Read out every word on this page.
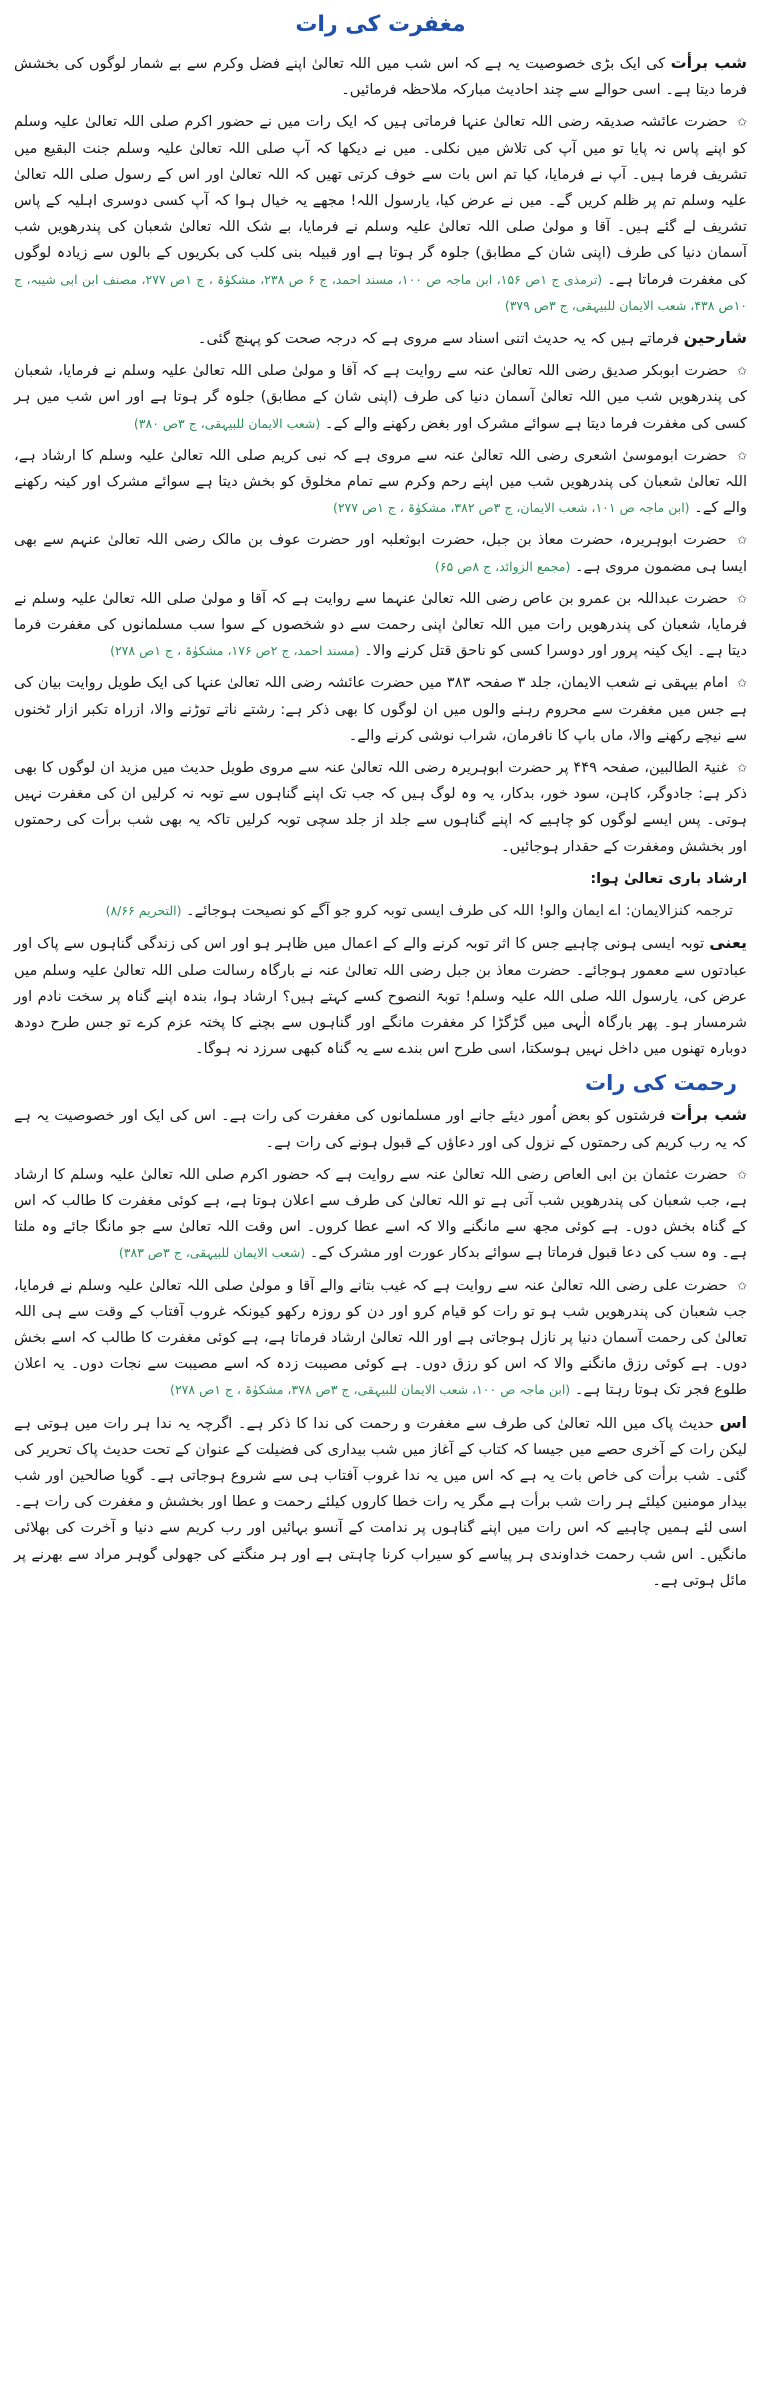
مغفرت کی رات

شب برأت کی ایک بڑی خصوصیت یہ ہے کہ اس شب میں اللہ تعالیٰ اپنے فضل وکرم سے بے شمار لوگوں کی بخشش فرما دیتا ہے۔ اسی حوالے سے چند احادیث مبارکہ ملاحظہ فرمائیں۔

✩ حضرت عائشہ صدیقہ رضی اللہ تعالیٰ عنہا فرماتی ہیں کہ ایک رات میں نے حضور اکرم صلی اللہ تعالیٰ علیہ وسلم کو اپنے پاس نہ پایا تو میں آپ کی تلاش میں نکلی۔ میں نے دیکھا کہ آپ صلی اللہ تعالیٰ علیہ وسلم جنت البقیع میں تشریف فرما ہیں۔ آپ نے فرمایا، کیا تم اس بات سے خوف کرتی تھیں کہ اللہ تعالیٰ اور اس کے رسول صلی اللہ تعالیٰ علیہ وسلم تم پر ظلم کریں گے۔ میں نے عرض کیا، یارسول اللہ! مجھے یہ خیال ہوا کہ آپ کسی دوسری اہلیہ کے پاس تشریف لے گئے ہیں۔ آقا و مولیٰ صلی اللہ تعالیٰ علیہ وسلم نے فرمایا، بے شک اللہ تعالیٰ شعبان کی پندرھویں شب آسمان دنیا کی طرف (اپنی شان کے مطابق) جلوہ گر ہوتا ہے اور قبیلہ بنی کلب کی بکریوں کے بالوں سے زیادہ لوگوں کی مغفرت فرماتا ہے۔ (ترمذی ج ۱ص ۱۵۶، ابن ماجہ ص ۱۰۰، مسند احمد، ج ۶ ص ۲۳۸، مشکوٰۃ ، ج ۱ص ۲۷۷، مصنف ابن ابی شیبہ، ج ۱۰ص ۴۳۸، شعب الایمان للبیہقی، ج ۳ص ۳۷۹)

شارحین فرماتے ہیں کہ یہ حدیث اتنی اسناد سے مروی ہے کہ درجہ صحت کو پہنچ گئی۔

✩ حضرت ابوبکر صدیق رضی اللہ تعالیٰ عنہ سے روایت ہے کہ آقا و مولیٰ صلی اللہ تعالیٰ علیہ وسلم نے فرمایا، شعبان کی پندرھویں شب میں اللہ تعالیٰ آسمان دنیا کی طرف (اپنی شان کے مطابق) جلوہ گر ہوتا ہے اور اس شب میں ہر کسی کی مغفرت فرما دیتا ہے سوائے مشرک اور بغض رکھنے والے کے۔ (شعب الایمان للبیہقی، ج ۳ص ۳۸۰)

✩ حضرت ابوموسیٰ اشعری رضی اللہ تعالیٰ عنہ سے مروی ہے کہ نبی کریم صلی اللہ تعالیٰ علیہ وسلم کا ارشاد ہے، اللہ تعالیٰ شعبان کی پندرھویں شب میں اپنے رحم وکرم سے تمام مخلوق کو بخش دیتا ہے سوائے مشرک اور کینہ رکھنے والے کے۔ (ابن ماجہ ص ۱۰۱، شعب الایمان، ج ۳ص ۳۸۲، مشکوٰۃ ، ج ۱ص ۲۷۷)

✩ حضرت ابوہریرہ، حضرت معاذ بن جبل، حضرت ابوثعلبہ اور حضرت عوف بن مالک رضی اللہ تعالیٰ عنہم سے بھی ایسا ہی مضمون مروی ہے۔ (مجمع الزوائد، ج ۸ص ۶۵)

✩ حضرت عبداللہ بن عمرو بن عاص رضی اللہ تعالیٰ عنہما سے روایت ہے کہ آقا و مولیٰ صلی اللہ تعالیٰ علیہ وسلم نے فرمایا، شعبان کی پندرھویں رات میں اللہ تعالیٰ اپنی رحمت سے دو شخصوں کے سوا سب مسلمانوں کی مغفرت فرما دیتا ہے۔ ایک کینہ پرور اور دوسرا کسی کو ناحق قتل کرنے والا۔ (مسند احمد، ج ۲ص ۱۷۶، مشکوٰۃ ، ج ۱ص ۲۷۸)

✩ امام بیہقی نے شعب الایمان، جلد ۳ صفحہ ۳۸۳ میں حضرت عائشہ رضی اللہ تعالیٰ عنہا کی ایک طویل روایت بیان کی ہے جس میں مغفرت سے محروم رہنے والوں میں ان لوگوں کا بھی ذکر ہے: رشتے ناتے توڑنے والا، ازراہ تکبر ازار ٹخنوں سے نیچے رکھنے والا، ماں باپ کا نافرمان، شراب نوشی کرنے والے۔

✩ غنیۃ الطالبین، صفحہ ۴۴۹ پر حضرت ابوہریرہ رضی اللہ تعالیٰ عنہ سے مروی طویل حدیث میں مزید ان لوگوں کا بھی ذکر ہے: جادوگر، کاہن، سود خور، بدکار، یہ وہ لوگ ہیں کہ جب تک اپنے گناہوں سے توبہ نہ کرلیں ان کی مغفرت نہیں ہوتی۔ پس ایسے لوگوں کو چاہیے کہ اپنے گناہوں سے جلد از جلد سچی توبہ کرلیں تاکہ یہ بھی شب برأت کی رحمتوں اور بخشش ومغفرت کے حقدار ہوجائیں۔

ارشاد باری تعالیٰ ہوا:

ترجمہ کنزالایمان: اے ایمان والو! اللہ کی طرف ایسی توبہ کرو جو آگے کو نصیحت ہوجائے۔ (التحریم ۸/۶۶)

یعنی توبہ ایسی ہونی چاہیے جس کا اثر توبہ کرنے والے کے اعمال میں ظاہر ہو اور اس کی زندگی گناہوں سے پاک اور عبادتوں سے معمور ہوجائے۔ حضرت معاذ بن جبل رضی اللہ تعالیٰ عنہ نے بارگاہ رسالت صلی اللہ تعالیٰ علیہ وسلم میں عرض کی، یارسول اللہ صلی اللہ علیہ وسلم! توبۃ النصوح کسے کہتے ہیں؟ ارشاد ہوا، بندہ اپنے گناہ پر سخت نادم اور شرمسار ہو۔ پھر بارگاہ الٰہی میں گڑگڑا کر مغفرت مانگے اور گناہوں سے بچنے کا پختہ عزم کرے تو جس طرح دودھ دوبارہ تھنوں میں داخل نہیں ہوسکتا، اسی طرح اس بندے سے یہ گناہ کبھی سرزد نہ ہوگا۔

رحمت کی رات

شب برأت فرشتوں کو بعض اُمور دیئے جانے اور مسلمانوں کی مغفرت کی رات ہے۔ اس کی ایک اور خصوصیت یہ ہے کہ یہ رب کریم کی رحمتوں کے نزول کی اور دعاؤں کے قبول ہونے کی رات ہے۔

✩ حضرت عثمان بن ابی العاص رضی اللہ تعالیٰ عنہ سے روایت ہے کہ حضور اکرم صلی اللہ تعالیٰ علیہ وسلم کا ارشاد ہے، جب شعبان کی پندرھویں شب آتی ہے تو اللہ تعالیٰ کی طرف سے اعلان ہوتا ہے، ہے کوئی مغفرت کا طالب کہ اس کے گناہ بخش دوں۔ ہے کوئی مجھ سے مانگنے والا کہ اسے عطا کروں۔ اس وقت اللہ تعالیٰ سے جو مانگا جائے وہ ملتا ہے۔ وہ سب کی دعا قبول فرماتا ہے سوائے بدکار عورت اور مشرک کے۔ (شعب الایمان للبیہقی، ج ۳ص ۳۸۳)

✩ حضرت علی رضی اللہ تعالیٰ عنہ سے روایت ہے کہ غیب بتانے والے آقا و مولیٰ صلی اللہ تعالیٰ علیہ وسلم نے فرمایا، جب شعبان کی پندرھویں شب ہو تو رات کو قیام کرو اور دن کو روزہ رکھو کیونکہ غروب آفتاب کے وقت سے ہی اللہ تعالیٰ کی رحمت آسمان دنیا پر نازل ہوجاتی ہے اور اللہ تعالیٰ ارشاد فرماتا ہے، ہے کوئی مغفرت کا طالب کہ اسے بخش دوں۔ ہے کوئی رزق مانگنے والا کہ اس کو رزق دوں۔ ہے کوئی مصیبت زدہ کہ اسے مصیبت سے نجات دوں۔ یہ اعلان طلوع فجر تک ہوتا رہتا ہے۔ (ابن ماجہ ص ۱۰۰، شعب الایمان للبیہقی، ج ۳ص ۳۷۸، مشکوٰۃ ، ج ۱ص ۲۷۸)

اس حدیث پاک میں اللہ تعالیٰ کی طرف سے مغفرت و رحمت کی ندا کا ذکر ہے۔ اگرچہ یہ ندا ہر رات میں ہوتی ہے لیکن رات کے آخری حصے میں جیسا کہ کتاب کے آغاز میں شب بیداری کی فضیلت کے عنوان کے تحت حدیث پاک تحریر کی گئی۔ شب برأت کی خاص بات یہ ہے کہ اس میں یہ ندا غروب آفتاب ہی سے شروع ہوجاتی ہے۔ گویا صالحین اور شب بیدار مومنین کیلئے ہر رات شب برأت ہے مگر یہ رات خطا کاروں کیلئے رحمت و عطا اور بخشش و مغفرت کی رات ہے۔ اسی لئے ہمیں چاہیے کہ اس رات میں اپنے گناہوں پر ندامت کے آنسو بہائیں اور رب کریم سے دنیا و آخرت کی بھلائی مانگیں۔ اس شب رحمت خداوندی ہر پیاسے کو سیراب کرنا چاہتی ہے اور ہر منگتے کی جھولی گوہر مراد سے بھرنے پر مائل ہوتی ہے۔
